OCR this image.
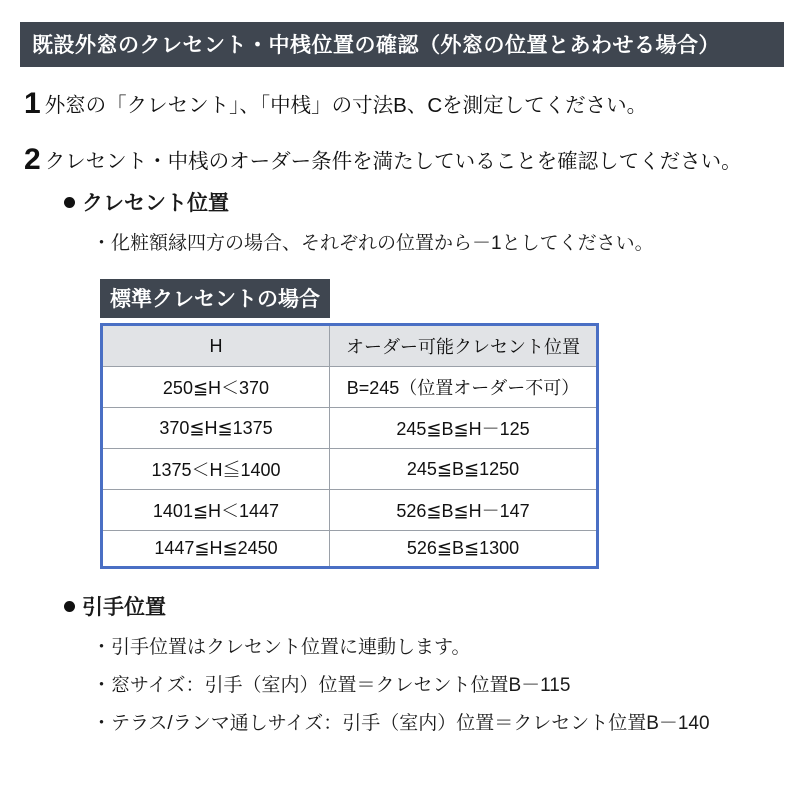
既設外窓のクレセント・中桟位置の確認（外窓の位置とあわせる場合）
1 外窓の「クレセント」、「中桟」の寸法B、Cを測定してください。
2 クレセント・中桟のオーダー条件を満たしていることを確認してください。
クレセント位置
・化粧額縁四方の場合、それぞれの位置から－1としてください。
標準クレセントの場合
H	オーダー可能クレセント位置
250≦H＜370	B=245（位置オーダー不可）
370≦H≦1375	245≦B≦H－125
1375＜H≦1400	245≦B≦1250
1401≦H＜1447	526≦B≦H－147
1447≦H≦2450	526≦B≦1300
引手位置
・引手位置はクレセント位置に連動します。
・窓サイズ：引手（室内）位置＝クレセント位置B－115
・テラス/ランマ通しサイズ：引手（室内）位置＝クレセント位置B－140
